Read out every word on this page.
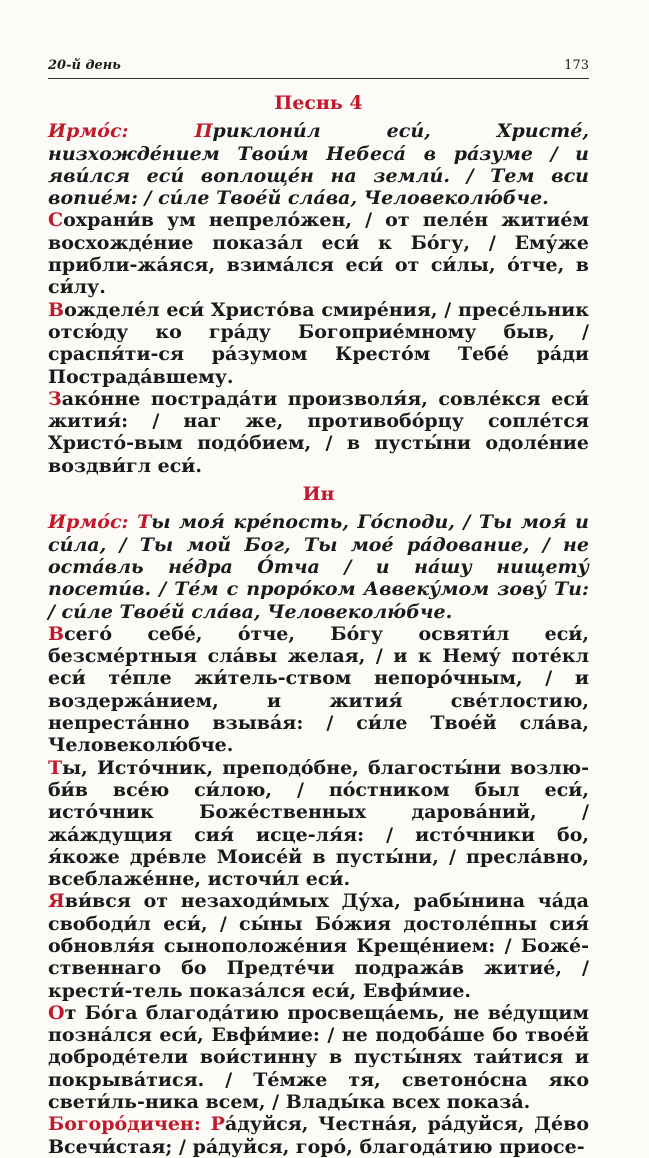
20-й день	173
Песнь 4

Ирмо́с:	Приклони́л еси́, Христе́, низхожде́нием Твои́м Небеса́ в ра́зуме / и яви́лся еси́ воплоще́н на земли́. / Тем вси вопие́м: / си́ле Твое́й сла́ва, Человеколю́бче.

Сохрани́в ум непрело́жен, / от пеле́н житие́м восхожде́ние показа́л еси́ к Бо́гу, / Ему́же прибли-жа́яся, взима́лся еси́ от си́лы, о́тче, в си́лу.

Вожделе́л еси́ Христо́ва смире́ния, / пресе́льник отсю́ду ко гра́ду Богоприе́мному быв, / сраспя́ти-ся ра́зумом Кресто́м Тебе́ ра́ди Пострада́вшему.

Зако́нне пострада́ти произволя́я, совле́кся еси́ жития́: / наг же, противобо́рцу сопле́тся Христо́-вым подо́бием, / в пусты́ни одоле́ние воздви́гл еси́.

Ин

Ирмо́с: Ты моя́ кре́пость, Го́споди, / Ты моя́ и си́ла, / Ты мой Бог, Ты мое́ ра́дование, / не оста́вль не́дра О́тча / и на́шу нищету́ посети́в. / Те́м с проро́ком Аввеку́мом зову́ Ти: / си́ле Твое́й сла́ва, Человеколю́бче.

Всего́ себе́, о́тче, Бо́гу освяти́л еси́, безсме́ртныя сла́вы желая, / и к Нему́ поте́кл еси́ те́пле жи́тель-ством непоро́чным, / и воздержа́нием, и жития́ све́тлостию, непреста́нно взыва́я: / си́ле Твое́й сла́ва, Человеколю́бче.

Ты, Исто́чник, преподо́бне, благосты́ни возлю-би́в все́ю си́лою, / по́стником был еси́, исто́чник Боже́ственных дарова́ний, / жа́ждущия сия́ исце-ля́я: / исто́чники бо, я́коже дре́вле Моисе́й в пусты́ни, / пресла́вно, всеблаже́нне, источи́л еси́.

Яви́вся от незаходи́мых Ду́ха, рабы́нина ча́да свободи́л еси́, / сы́ны Бо́жия достоле́пны сия́ обновля́я сыноположе́ния Креще́нием: / Боже́-ственнаго бо Предте́чи подража́в житие́, / крести́-тель показа́лся еси́, Евфи́мие.

От Бо́га благода́тию просвеща́емь, не ве́дущим позна́лся еси́, Евфи́мие: / не подоба́ше бо твое́й доброде́тели вои́стинну в пусты́нях таи́тися и покрыва́тися. / Те́мже тя, светоно́сна яко свети́ль-ника всем, / Влады́ка всех показа́.

Богоро́дичен: Ра́дуйся, Честна́я, ра́дуйся, Де́во Всечи́стая; / ра́дуйся, горо́, благода́тию приосе-
